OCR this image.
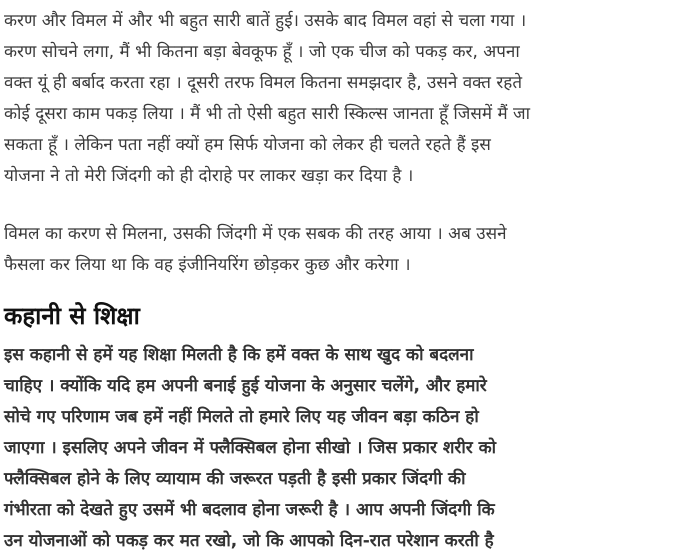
करण और विमल में और भी बहुत सारी बातें हुई। उसके बाद विमल वहां से चला गया ।
करण सोचने लगा, मैं भी कितना बड़ा बेवकूफ हूँ । जो एक चीज को पकड़ कर, अपना
वक्त यूं ही बर्बाद करता रहा । दूसरी तरफ विमल कितना समझदार है, उसने वक्त रहते
कोई दूसरा काम पकड़ लिया । मैं भी तो ऐसी बहुत सारी स्किल्स जानता हूँ जिसमें मैं जा
सकता हूँ । लेकिन पता नहीं क्यों हम सिर्फ योजना को लेकर ही चलते रहते हैं इस
योजना ने तो मेरी जिंदगी को ही दोराहे पर लाकर खड़ा कर दिया है ।

विमल का करण से मिलना, उसकी जिंदगी में एक सबक की तरह आया । अब उसने
फैसला कर लिया था कि वह इंजीनियरिंग छोड़कर कुछ और करेगा ।

कहानी से शिक्षा

इस कहानी से हमें यह शिक्षा मिलती है कि हमें वक्त के साथ खुद को बदलना
चाहिए । क्योंकि यदि हम अपनी बनाई हुई योजना के अनुसार चलेंगे, और हमारे
सोचे गए परिणाम जब हमें नहीं मिलते तो हमारे लिए यह जीवन बड़ा कठिन हो
जाएगा । इसलिए अपने जीवन में फ्लैक्सिबल होना सीखो । जिस प्रकार शरीर को
फ्लैक्सिबल होने के लिए व्यायाम की जरूरत पड़ती है इसी प्रकार जिंदगी की
गंभीरता को देखते हुए उसमें भी बदलाव होना जरूरी है । आप अपनी जिंदगी कि
उन योजनाओं को पकड़ कर मत रखो, जो कि आपको दिन-रात परेशान करती है
